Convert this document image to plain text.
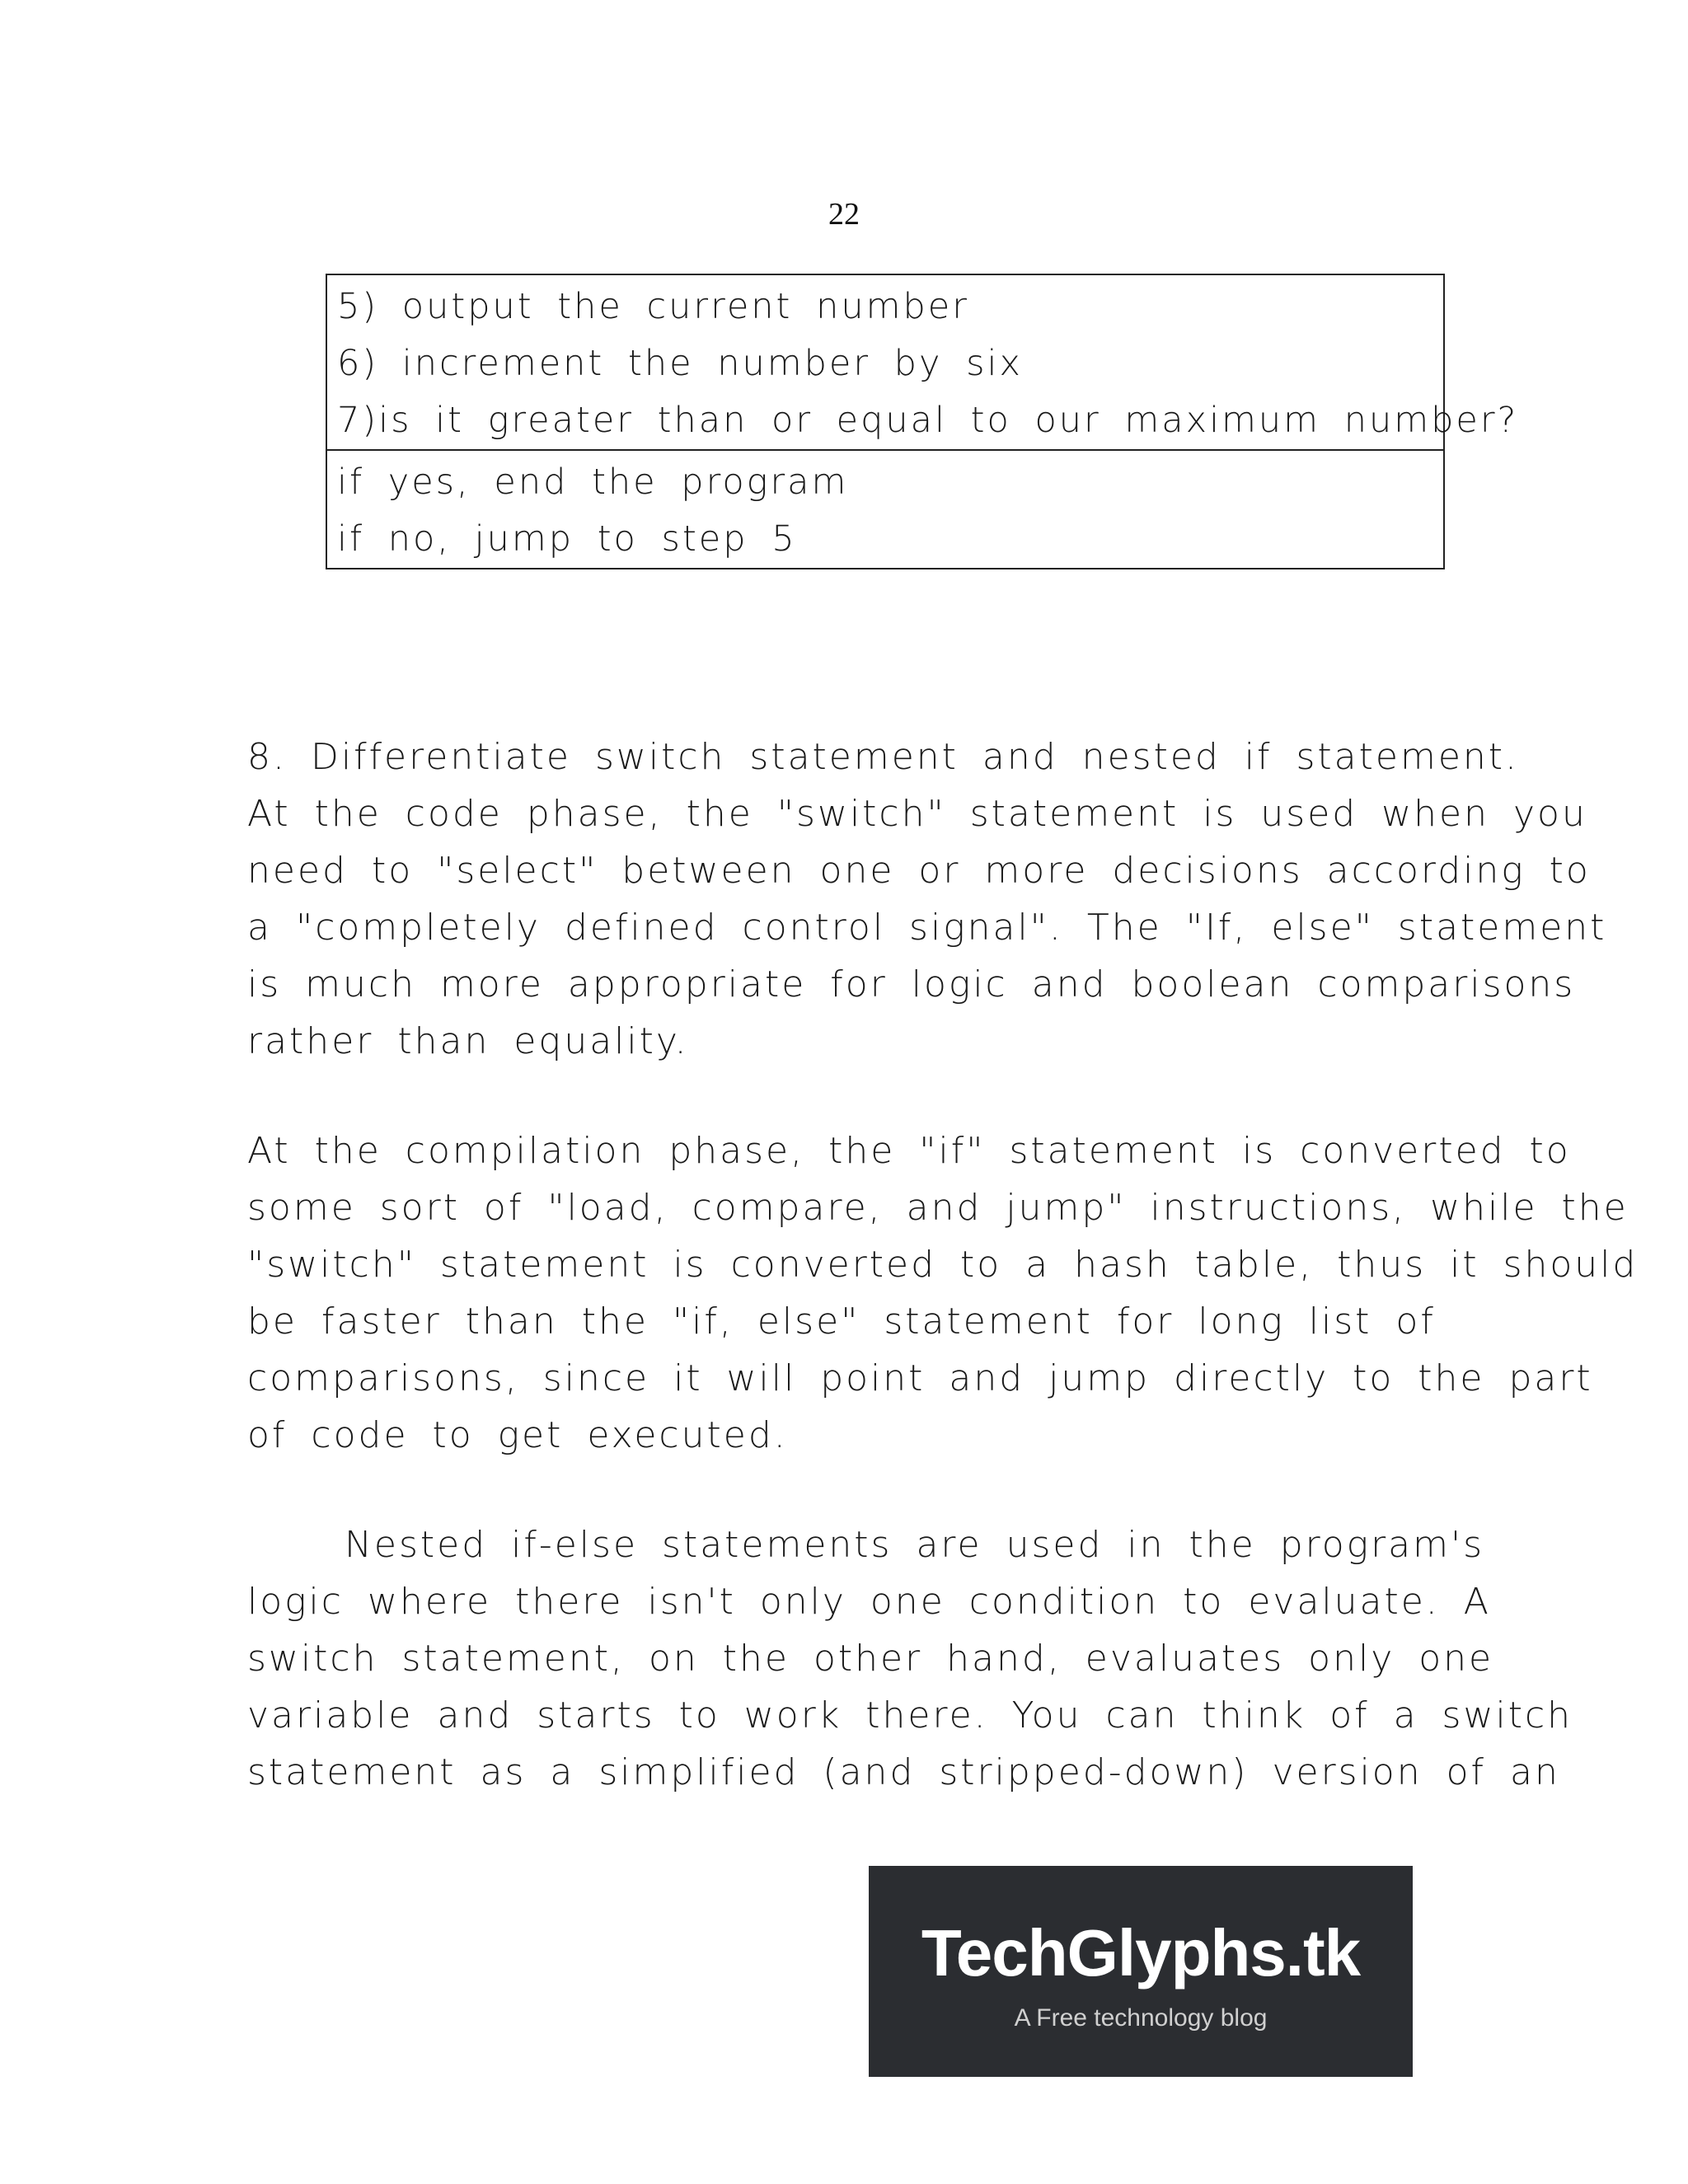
22
5) output the current number
6) increment the number by six
7)is it greater than or equal to our maximum number?
if yes, end the program
if no, jump to step 5
8. Differentiate switch statement and nested if statement.
At the code phase, the "switch" statement is used when you
need to "select" between one or more decisions according to
a "completely defined control signal". The "If, else" statement
is much more appropriate for logic and boolean comparisons
rather than equality.
At the compilation phase, the "if" statement is converted to
some sort of "load, compare, and jump" instructions, while the
"switch" statement is converted to a hash table, thus it should
be faster than the "if, else" statement for long list of
comparisons, since it will point and jump directly to the part
of code to get executed.
Nested if-else statements are used in the program's
logic where there isn't only one condition to evaluate. A
switch statement, on the other hand, evaluates only one
variable and starts to work there. You can think of a switch
statement as a simplified (and stripped-down) version of an
TechGlyphs.tk
A Free technology blog
